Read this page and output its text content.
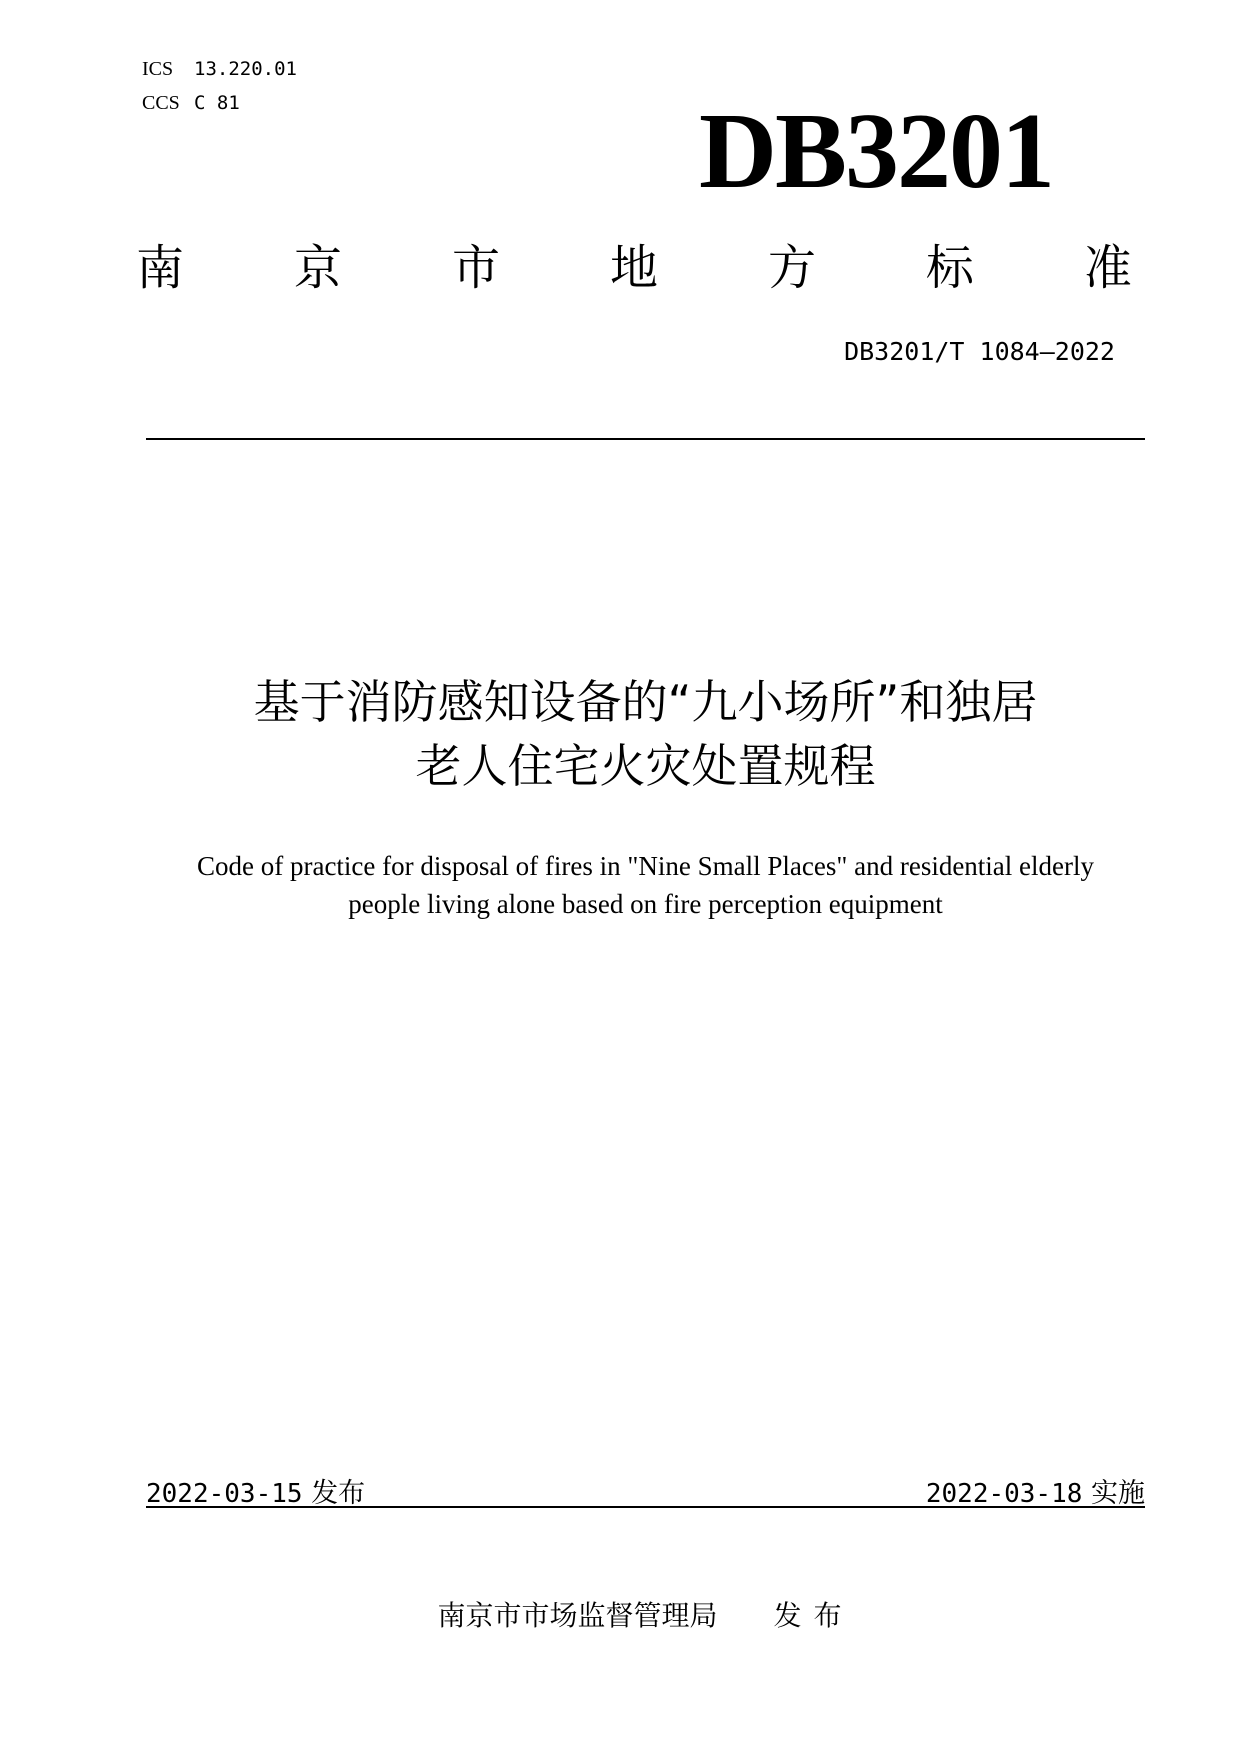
ICS 13.220.01
CCS C 81	DB3201
南 京 市 地 方 标 准
DB3201/T 1084—2022
基于消防感知设备的“九小场所”和独居
老人住宅火灾处置规程
Code of practice for disposal of fires in "Nine Small Places" and residential elderly
people living alone based on fire perception equipment
2022-03-15 发布	2022-03-18 实施
南京市市场监督管理局 发布
